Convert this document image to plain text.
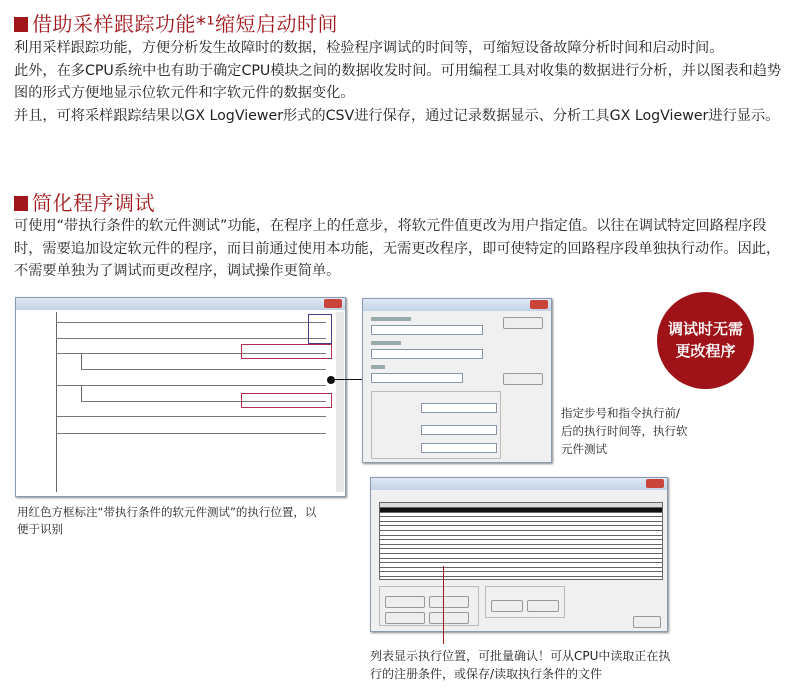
借助采样跟踪功能*¹缩短启动时间
利用采样跟踪功能，方便分析发生故障时的数据，检验程序调试的时间等，可缩短设备故障分析时间和启动时间。
此外，在多CPU系统中也有助于确定CPU模块之间的数据收发时间。可用编程工具对收集的数据进行分析，并以图表和趋势图的形式方便地显示位软元件和字软元件的数据变化。
并且，可将采样跟踪结果以GX LogViewer形式的CSV进行保存，通过记录数据显示、分析工具GX LogViewer进行显示。
简化程序调试
可使用“带执行条件的软元件测试”功能，在程序上的任意步，将软元件值更改为用户指定值。以往在调试特定回路程序段时，需要追加设定软元件的程序，而目前通过使用本功能，无需更改程序，即可使特定的回路程序段单独执行动作。因此，不需要单独为了调试而更改程序，调试操作更简单。
用红色方框标注“带执行条件的软元件测试”的执行位置，以便于识别
调试时无需
更改程序
指定步号和指令执行前/后的执行时间等，执行软元件测试
列表显示执行位置，可批量确认！可从CPU中读取正在执行的注册条件，或保存/读取执行条件的文件
